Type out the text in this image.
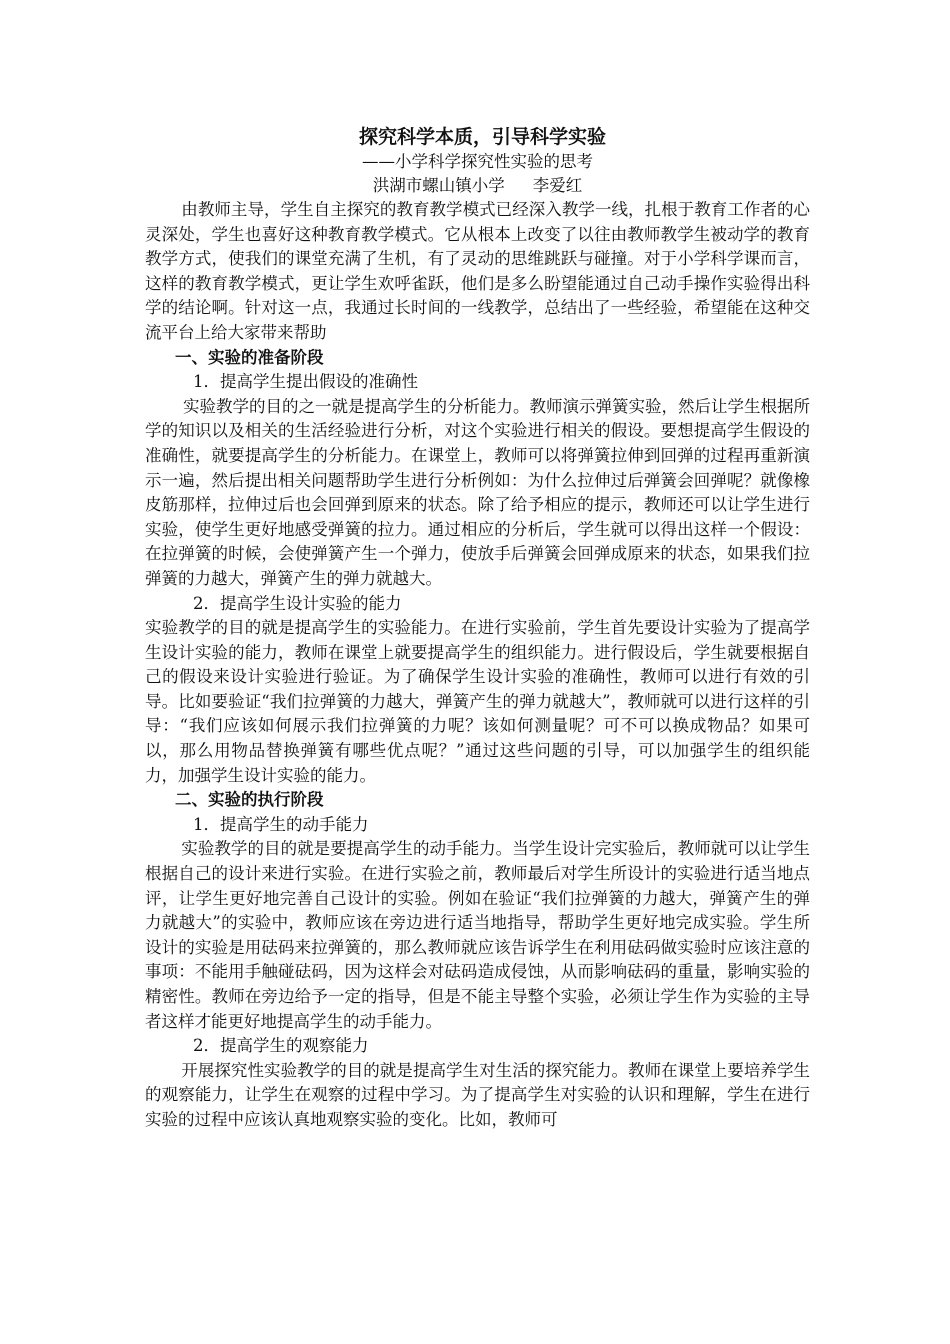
探究科学本质，引导科学实验

——小学科学探究性实验的思考

洪湖市螺山镇小学 李爱红

由教师主导，学生自主探究的教育教学模式已经深入教学一线，扎根于教育工作者的心灵深处，学生也喜好这种教育教学模式。它从根本上改变了以往由教师教学生被动学的教育教学方式，使我们的课堂充满了生机，有了灵动的思维跳跃与碰撞。对于小学科学课而言，这样的教育教学模式，更让学生欢呼雀跃，他们是多么盼望能通过自己动手操作实验得出科学的结论啊。针对这一点，我通过长时间的一线教学，总结出了一些经验，希望能在这种交流平台上给大家带来帮助

一、实验的准备阶段

1．提高学生提出假设的准确性

实验教学的目的之一就是提高学生的分析能力。教师演示弹簧实验，然后让学生根据所学的知识以及相关的生活经验进行分析，对这个实验进行相关的假设。要想提高学生假设的准确性，就要提高学生的分析能力。在课堂上，教师可以将弹簧拉伸到回弹的过程再重新演示一遍，然后提出相关问题帮助学生进行分析例如：为什么拉伸过后弹簧会回弹呢？就像橡皮筋那样，拉伸过后也会回弹到原来的状态。除了给予相应的提示，教师还可以让学生进行实验，使学生更好地感受弹簧的拉力。通过相应的分析后，学生就可以得出这样一个假设：在拉弹簧的时候，会使弹簧产生一个弹力，使放手后弹簧会回弹成原来的状态，如果我们拉弹簧的力越大，弹簧产生的弹力就越大。

2．提高学生设计实验的能力

实验教学的目的就是提高学生的实验能力。在进行实验前，学生首先要设计实验为了提高学生设计实验的能力，教师在课堂上就要提高学生的组织能力。进行假设后，学生就要根据自己的假设来设计实验进行验证。为了确保学生设计实验的准确性，教师可以进行有效的引导。比如要验证“我们拉弹簧的力越大，弹簧产生的弹力就越大”，教师就可以进行这样的引导：“我们应该如何展示我们拉弹簧的力呢？该如何测量呢？可不可以换成物品？如果可以，那么用物品替换弹簧有哪些优点呢？”通过这些问题的引导，可以加强学生的组织能力，加强学生设计实验的能力。

二、实验的执行阶段

1．提高学生的动手能力

实验教学的目的就是要提高学生的动手能力。当学生设计完实验后，教师就可以让学生根据自己的设计来进行实验。在进行实验之前，教师最后对学生所设计的实验进行适当地点评，让学生更好地完善自己设计的实验。例如在验证“我们拉弹簧的力越大，弹簧产生的弹力就越大”的实验中，教师应该在旁边进行适当地指导，帮助学生更好地完成实验。学生所设计的实验是用砝码来拉弹簧的，那么教师就应该告诉学生在利用砝码做实验时应该注意的事项：不能用手触碰砝码，因为这样会对砝码造成侵蚀，从而影响砝码的重量，影响实验的精密性。教师在旁边给予一定的指导，但是不能主导整个实验，必须让学生作为实验的主导者这样才能更好地提高学生的动手能力。

2．提高学生的观察能力

开展探究性实验教学的目的就是提高学生对生活的探究能力。教师在课堂上要培养学生的观察能力，让学生在观察的过程中学习。为了提高学生对实验的认识和理解，学生在进行实验的过程中应该认真地观察实验的变化。比如，教师可
